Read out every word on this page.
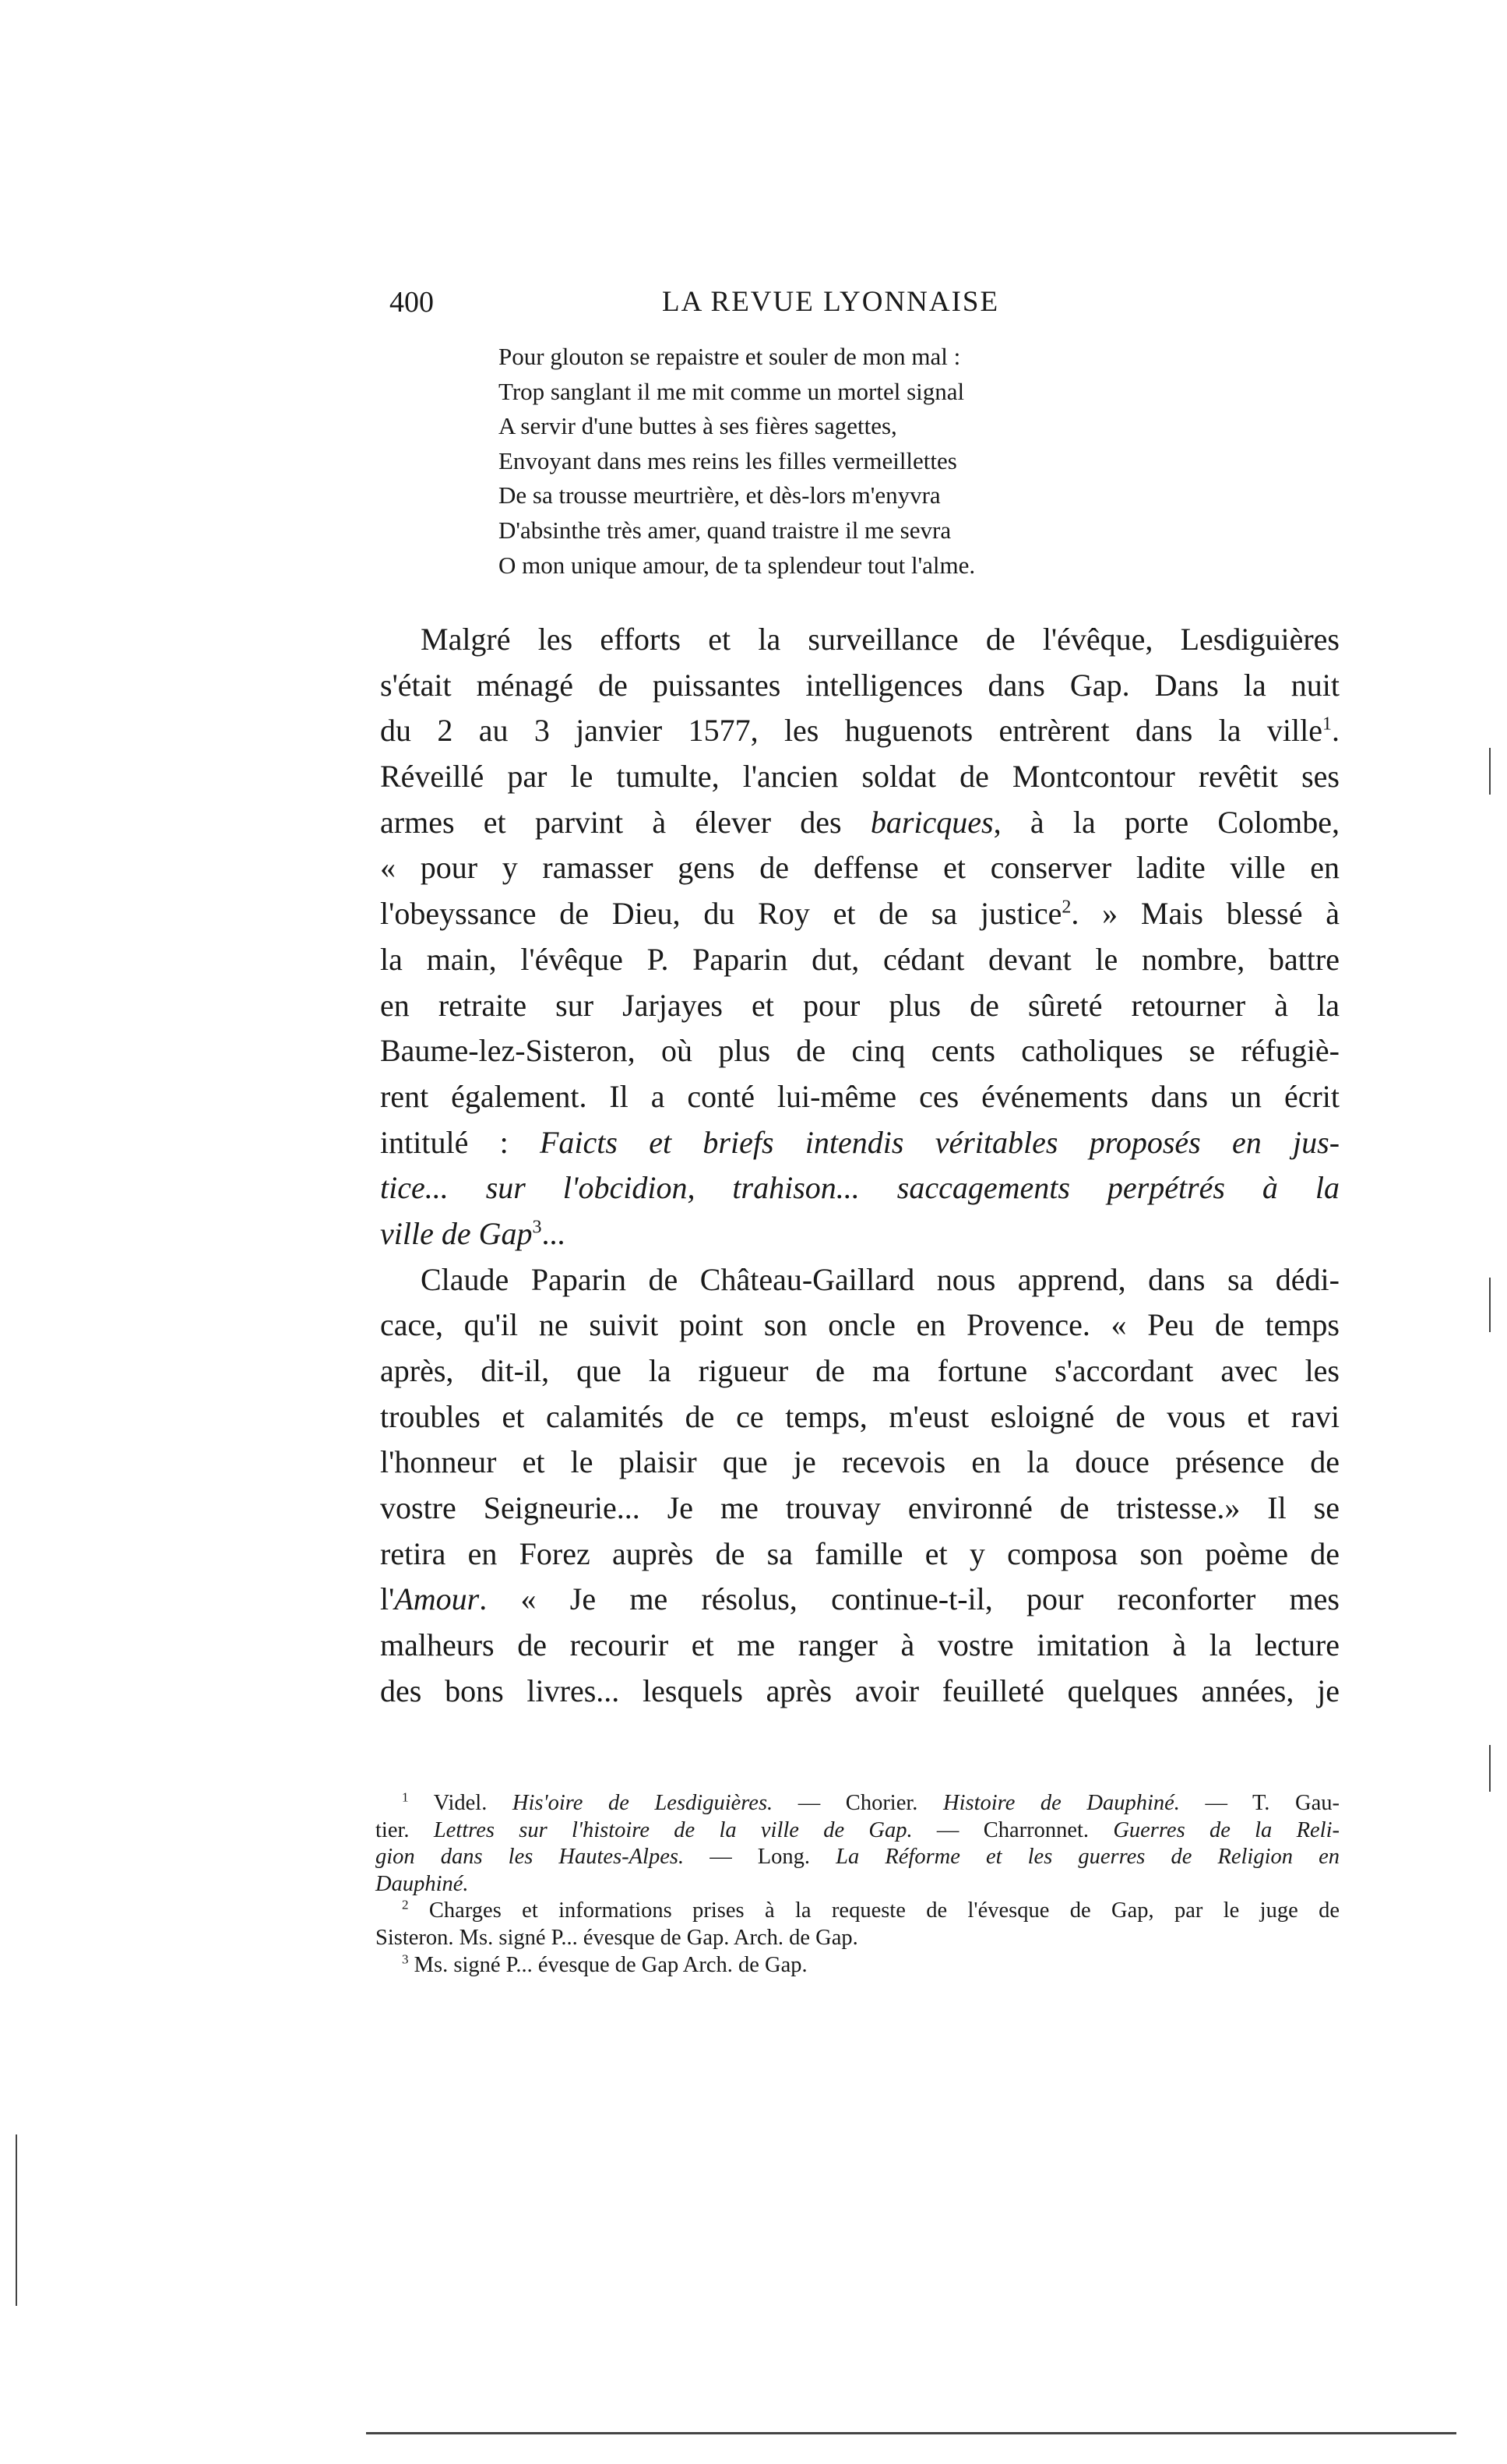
400	LA REVUE LYONNAISE
Pour glouton se repaistre et souler de mon mal :
Trop sanglant il me mit comme un mortel signal
A servir d'une buttes à ses fières sagettes,
Envoyant dans mes reins les filles vermeillettes
De sa trousse meurtrière, et dès-lors m'enyvra
D'absinthe très amer, quand traistre il me sevra
O mon unique amour, de ta splendeur tout l'alme.
Malgré les efforts et la surveillance de l'évêque, Lesdiguières
s'était ménagé de puissantes intelligences dans Gap. Dans la nuit
du 2 au 3 janvier 1577, les huguenots entrèrent dans la ville$^1$.
Réveillé par le tumulte, l'ancien soldat de Montcontour revêtit ses
armes et parvint à élever des baricques, à la porte Colombe,
« pour y ramasser gens de deffense et conserver ladite ville en
l'obeyssance de Dieu, du Roy et de sa justice$^2$. » Mais blessé à
la main, l'évêque P. Paparin dut, cédant devant le nombre, battre
en retraite sur Jarjayes et pour plus de sûreté retourner à la
Baume-lez-Sisteron, où plus de cinq cents catholiques se réfugiè-
rent également. Il a conté lui-même ces événements dans un écrit
intitulé : Faicts et briefs intendis véritables proposés en jus-
tice... sur l'obcidion, trahison... saccagements perpétrés à la
ville de Gap$^3$...
Claude Paparin de Château-Gaillard nous apprend, dans sa dédi-
cace, qu'il ne suivit point son oncle en Provence. « Peu de temps
après, dit-il, que la rigueur de ma fortune s'accordant avec les
troubles et calamités de ce temps, m'eust esloigné de vous et ravi
l'honneur et le plaisir que je recevois en la douce présence de
vostre Seigneurie... Je me trouvay environné de tristesse.» Il se
retira en Forez auprès de sa famille et y composa son poème de
l'Amour. « Je me résolus, continue-t-il, pour reconforter mes
malheurs de recourir et me ranger à vostre imitation à la lecture
des bons livres... lesquels après avoir feuilleté quelques années, je
$^1$ Videl. His'oire de Lesdiguières. — Chorier. Histoire de Dauphiné. — T. Gau-
tier. Lettres sur l'histoire de la ville de Gap. — Charronnet. Guerres de la Reli-
gion dans les Hautes-Alpes. — Long. La Réforme et les guerres de Religion en
Dauphiné.
$^2$ Charges et informations prises à la requeste de l'évesque de Gap, par le juge de
Sisteron. Ms. signé P... évesque de Gap. Arch. de Gap.
$^3$ Ms. signé P... évesque de Gap Arch. de Gap.
